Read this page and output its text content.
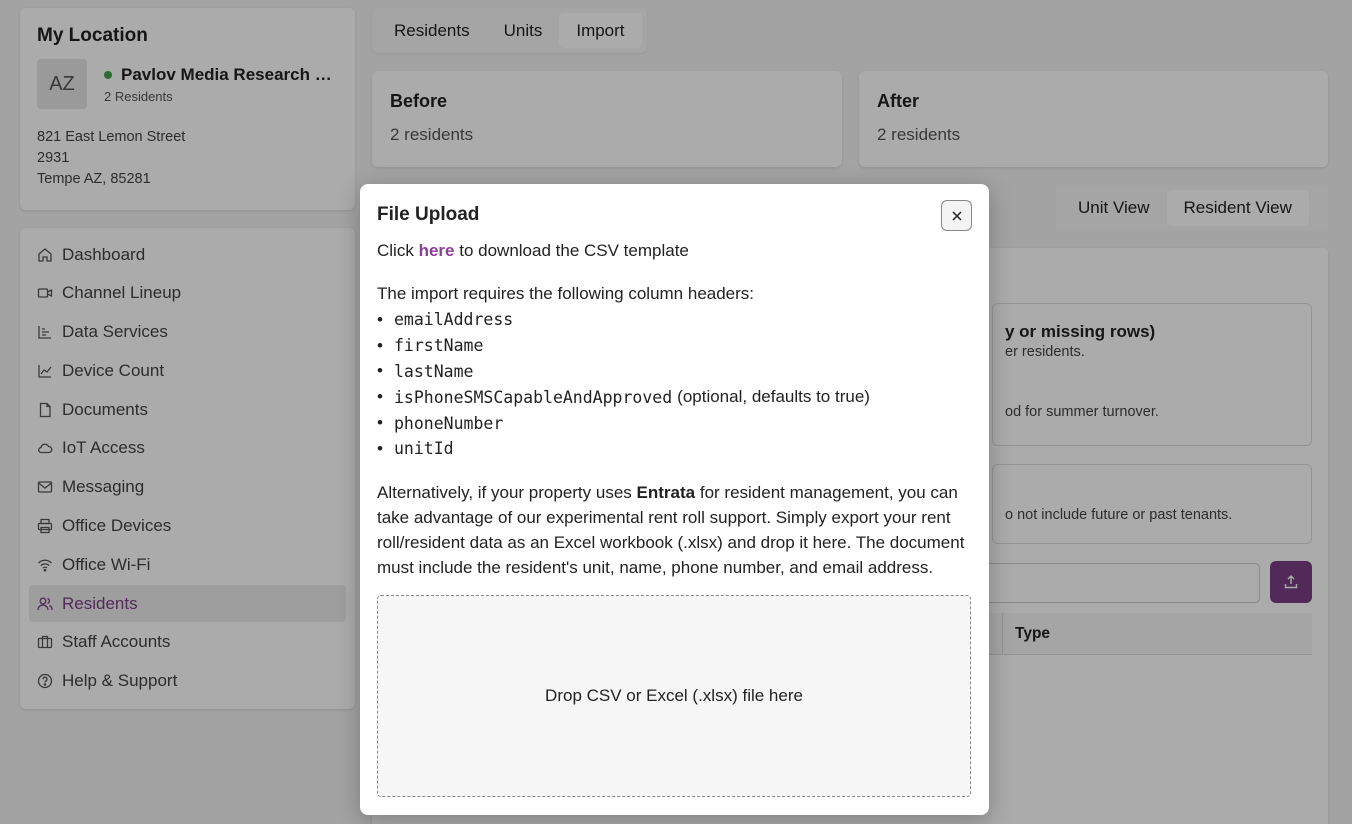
My Location
AZ	Pavlov Media Research a...
2 Residents
821 East Lemon Street
2931
Tempe AZ, 85281
Dashboard
Channel Lineup
Data Services
Device Count
Documents
IoT Access
Messaging
Office Devices
Office Wi-Fi
Residents
Staff Accounts
Help & Support
Residents	Units	Import
Before
2 residents
After
2 residents
Unit View	Resident View
y or missing rows)
er residents.
od for summer turnover.
o not include future or past tenants.
Type
File Upload
Click here to download the CSV template
The import requires the following column headers:
• emailAddress
• firstName
• lastName
• isPhoneSMSCapableAndApproved (optional, defaults to true)
• phoneNumber
• unitId
Alternatively, if your property uses Entrata for resident management, you can take advantage of our experimental rent roll support. Simply export your rent roll/resident data as an Excel workbook (.xlsx) and drop it here. The document must include the resident's unit, name, phone number, and email address.
Drop CSV or Excel (.xlsx) file here
